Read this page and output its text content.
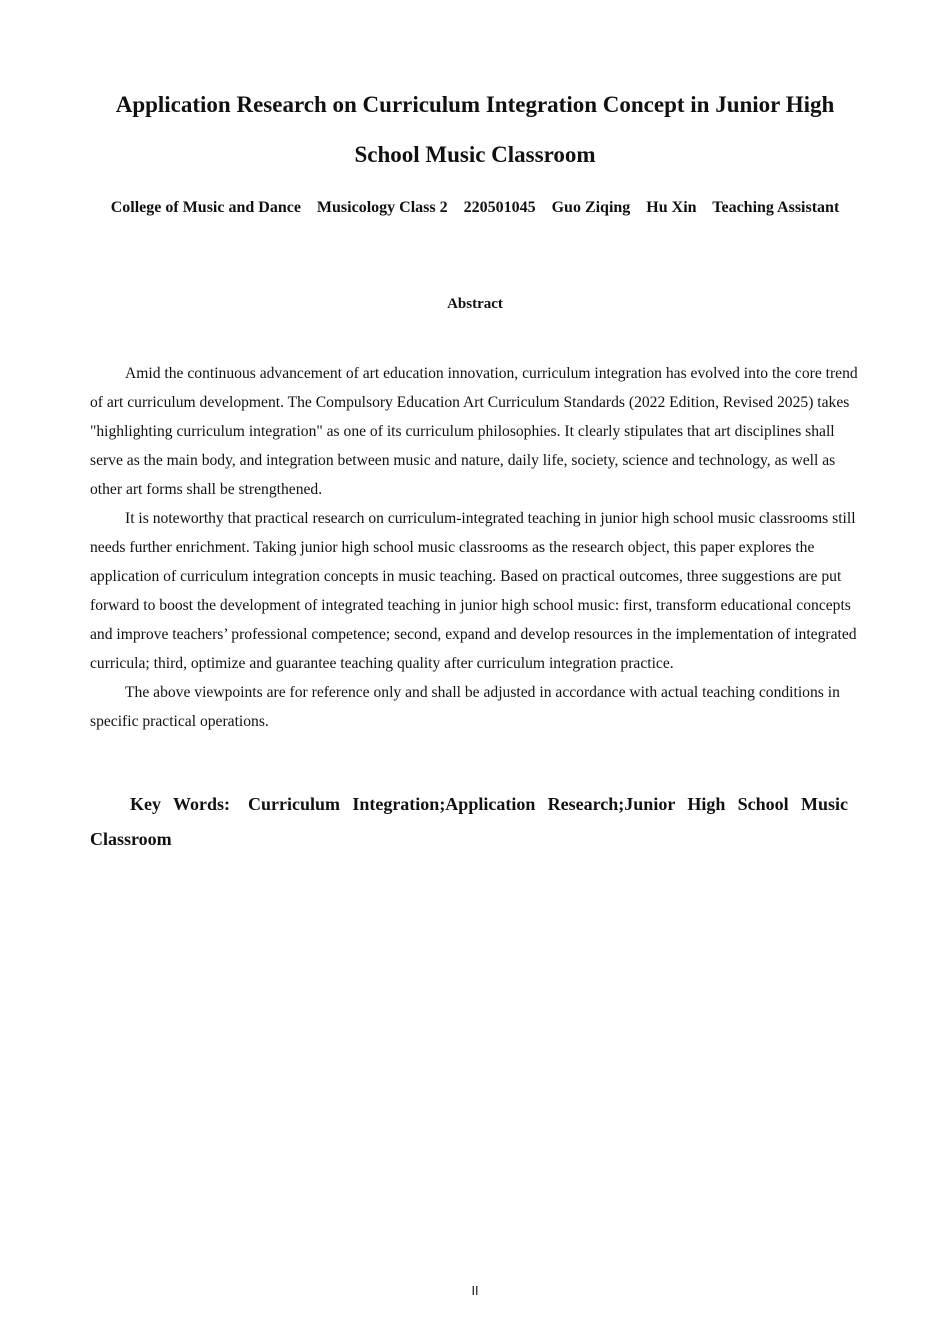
Application Research on Curriculum Integration Concept in Junior High School Music Classroom
College of Music and Dance Musicology Class 2 220501045 Guo Ziqing Hu Xin Teaching Assistant
Abstract

Amid the continuous advancement of art education innovation, curriculum integration has evolved into the core trend of art curriculum development. The Compulsory Education Art Curriculum Standards (2022 Edition, Revised 2025) takes "highlighting curriculum integration" as one of its curriculum philosophies. It clearly stipulates that art disciplines shall serve as the main body, and integration between music and nature, daily life, society, science and technology, as well as other art forms shall be strengthened.

It is noteworthy that practical research on curriculum-integrated teaching in junior high school music classrooms still needs further enrichment. Taking junior high school music classrooms as the research object, this paper explores the application of curriculum integration concepts in music teaching. Based on practical outcomes, three suggestions are put forward to boost the development of integrated teaching in junior high school music: first, transform educational concepts and improve teachers’ professional competence; second, expand and develop resources in the implementation of integrated curricula; third, optimize and guarantee teaching quality after curriculum integration practice.

The above viewpoints are for reference only and shall be adjusted in accordance with actual teaching conditions in specific practical operations.

Key Words: Curriculum Integration;Application Research;Junior High School Music Classroom
II
